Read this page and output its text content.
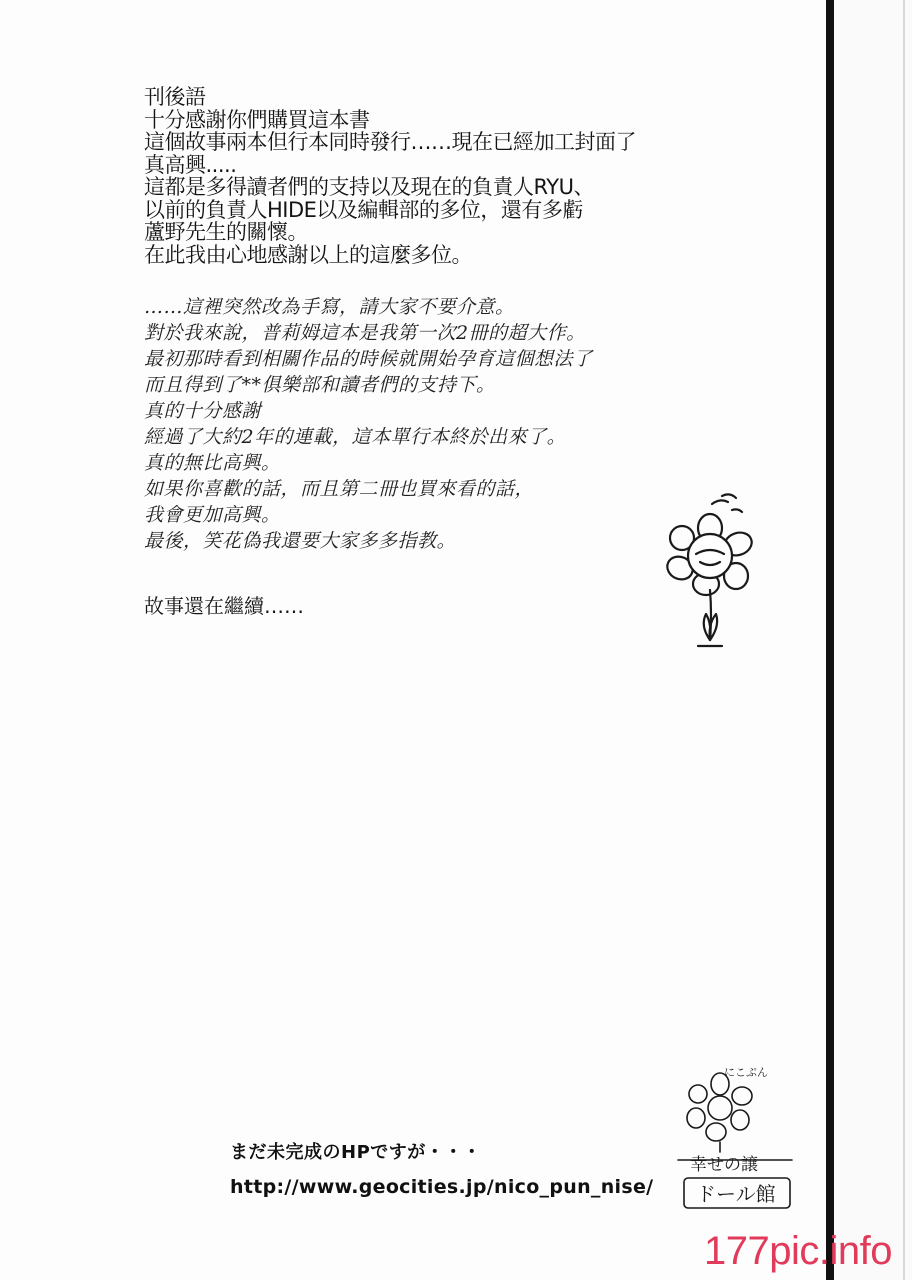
刊後語
十分感謝你們購買這本書
這個故事兩本但行本同時發行……現在已經加工封面了
真高興.....
這都是多得讀者們的支持以及現在的負責人RYU、
以前的負責人HIDE以及編輯部的多位，還有多虧
蘆野先生的關懷。
在此我由心地感謝以上的這麼多位。
……這裡突然改為手寫，請大家不要介意。
對於我來說，普莉姆這本是我第一次2冊的超大作。
最初那時看到相關作品的時候就開始孕育這個想法了
而且得到了**俱樂部和讀者們的支持下。
真的十分感謝
經過了大約2年的連載，這本單行本終於出來了。
真的無比高興。
如果你喜歡的話，而且第二冊也買來看的話，
我會更加高興。
最後，笑花偽我還要大家多多指教。
故事還在繼續……
まだ未完成のHPですが・・・
http://www.geocities.jp/nico_pun_nise/
にこぷん
幸せの譲
ドール館
177pic.info
